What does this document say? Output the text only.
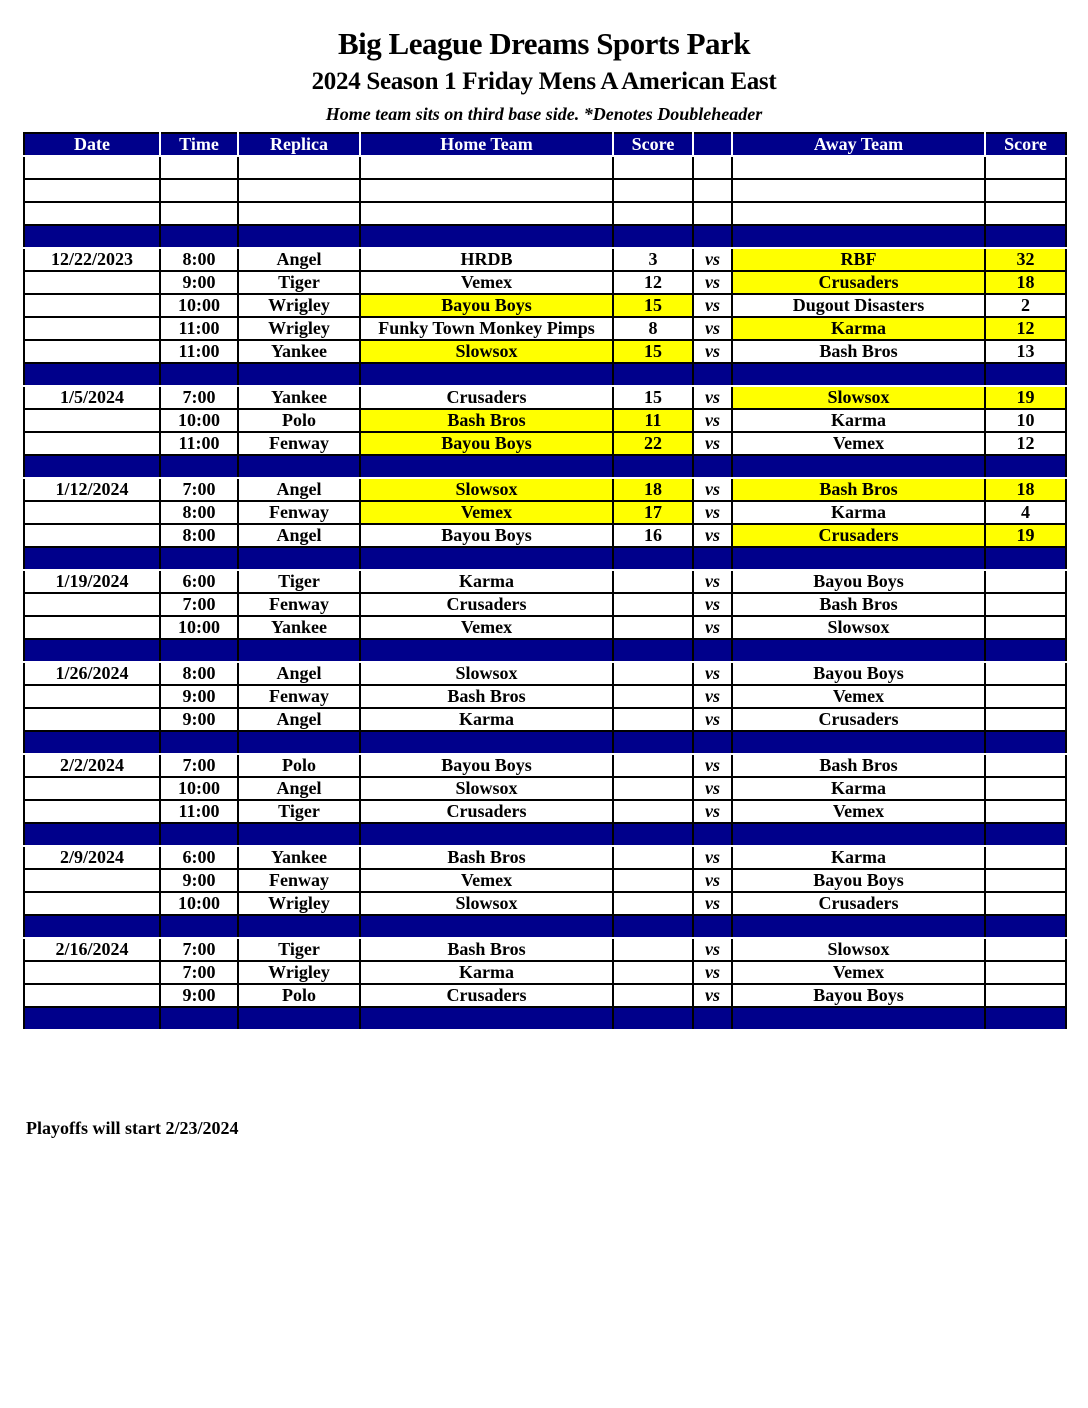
Big League Dreams Sports Park
2024 Season 1 Friday Mens A American East
Home team sits on third base side. *Denotes Doubleheader
Date	Time	Replica	Home Team	Score		Away Team	Score

12/22/2023	8:00	Angel	HRDB	3	vs	RBF	32
	9:00	Tiger	Vemex	12	vs	Crusaders	18
	10:00	Wrigley	Bayou Boys	15	vs	Dugout Disasters	2
	11:00	Wrigley	Funky Town Monkey Pimps	8	vs	Karma	12
	11:00	Yankee	Slowsox	15	vs	Bash Bros	13

1/5/2024	7:00	Yankee	Crusaders	15	vs	Slowsox	19
	10:00	Polo	Bash Bros	11	vs	Karma	10
	11:00	Fenway	Bayou Boys	22	vs	Vemex	12

1/12/2024	7:00	Angel	Slowsox	18	vs	Bash Bros	18
	8:00	Fenway	Vemex	17	vs	Karma	4
	8:00	Angel	Bayou Boys	16	vs	Crusaders	19

1/19/2024	6:00	Tiger	Karma		vs	Bayou Boys	
	7:00	Fenway	Crusaders		vs	Bash Bros	
	10:00	Yankee	Vemex		vs	Slowsox	

1/26/2024	8:00	Angel	Slowsox		vs	Bayou Boys	
	9:00	Fenway	Bash Bros		vs	Vemex	
	9:00	Angel	Karma		vs	Crusaders	

2/2/2024	7:00	Polo	Bayou Boys		vs	Bash Bros	
	10:00	Angel	Slowsox		vs	Karma	
	11:00	Tiger	Crusaders		vs	Vemex	

2/9/2024	6:00	Yankee	Bash Bros		vs	Karma	
	9:00	Fenway	Vemex		vs	Bayou Boys	
	10:00	Wrigley	Slowsox		vs	Crusaders	

2/16/2024	7:00	Tiger	Bash Bros		vs	Slowsox	
	7:00	Wrigley	Karma		vs	Vemex	
	9:00	Polo	Crusaders		vs	Bayou Boys	

Playoffs will start 2/23/2024
